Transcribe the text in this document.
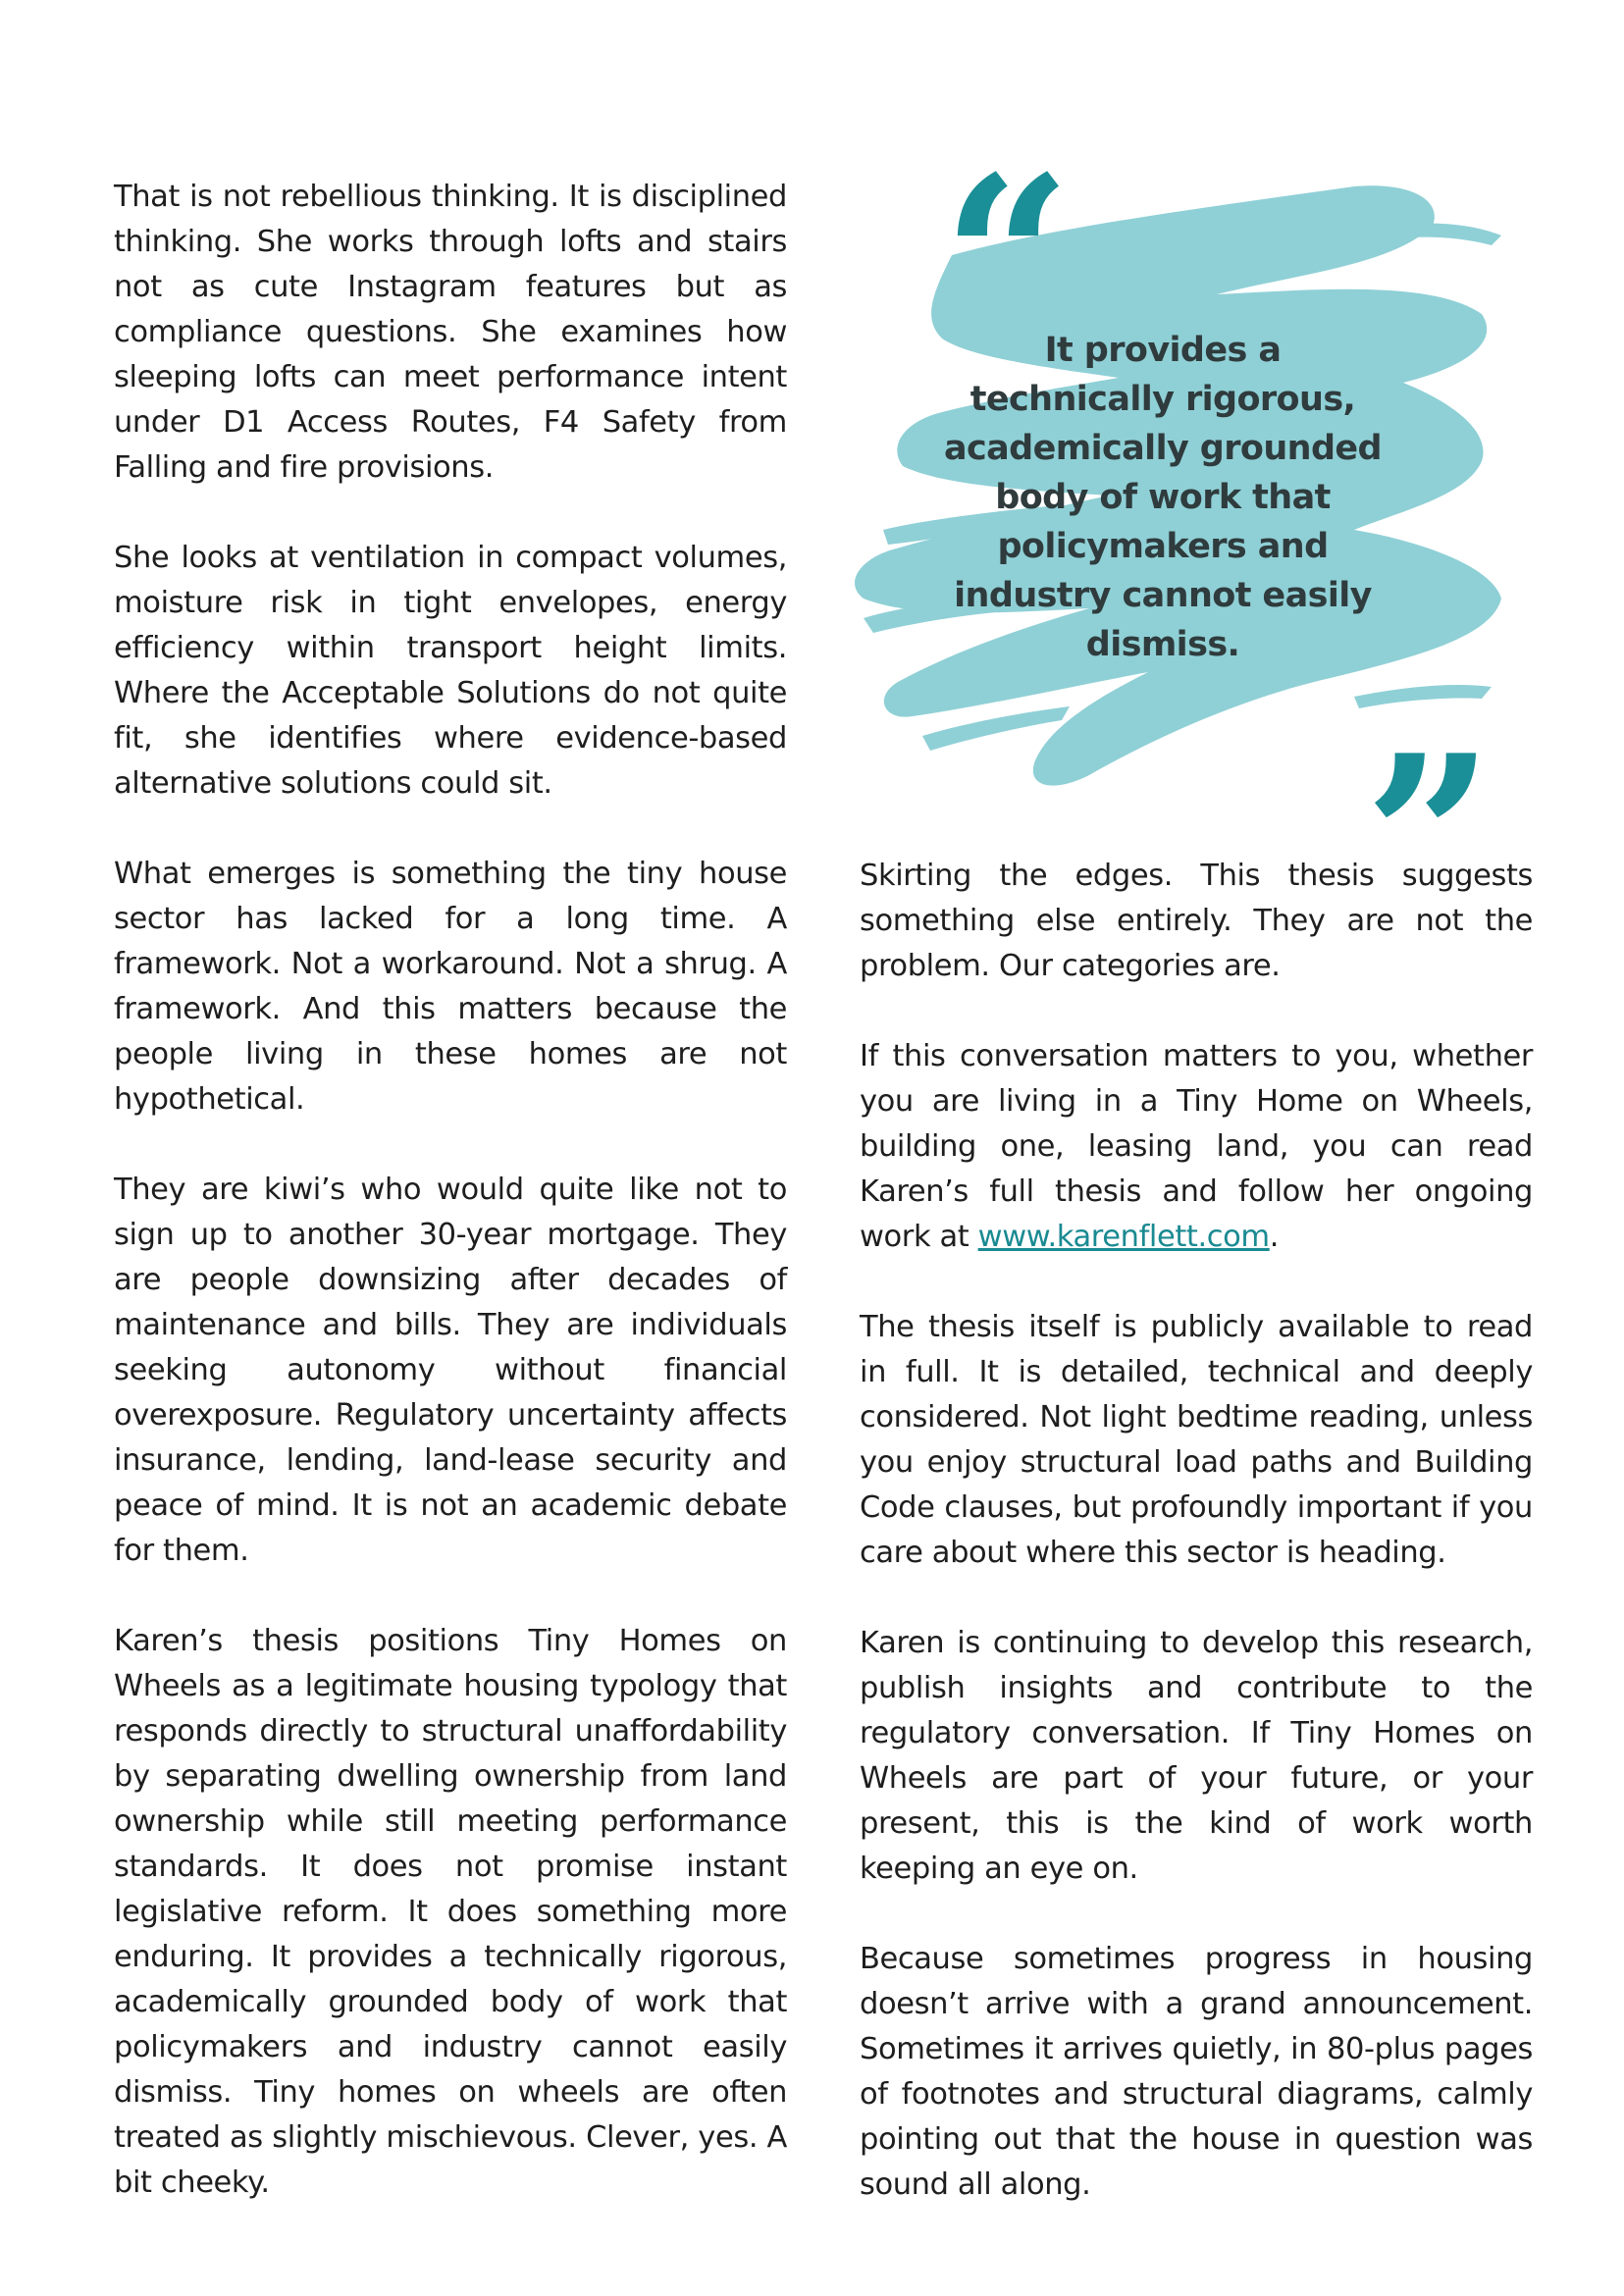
That is not rebellious thinking. It is disciplined thinking. She works through lofts and stairs not as cute Instagram features but as compliance questions. She examines how sleeping lofts can meet performance intent under D1 Access Routes, F4 Safety from Falling and fire provisions.

She looks at ventilation in compact volumes, moisture risk in tight envelopes, energy efficiency within transport height limits. Where the Acceptable Solutions do not quite fit, she identifies where evidence-based alternative solutions could sit.

What emerges is something the tiny house sector has lacked for a long time. A framework. Not a workaround. Not a shrug. A framework. And this matters because the people living in these homes are not hypothetical.

They are kiwi’s who would quite like not to sign up to another 30-year mortgage. They are people downsizing after decades of maintenance and bills. They are individuals seeking autonomy without financial overexposure. Regulatory uncertainty affects insurance, lending, land-lease security and peace of mind. It is not an academic debate for them.

Karen’s thesis positions Tiny Homes on Wheels as a legitimate housing typology that responds directly to structural unaffordability by separating dwelling ownership from land ownership while still meeting performance standards. It does not promise instant legislative reform. It does something more enduring. It provides a technically rigorous, academically grounded body of work that policymakers and industry cannot easily dismiss. Tiny homes on wheels are often treated as slightly mischievous. Clever, yes. A bit cheeky.

“
It provides a technically rigorous, academically grounded body of work that policymakers and industry cannot easily dismiss.
”

Skirting the edges. This thesis suggests something else entirely. They are not the problem. Our categories are.

If this conversation matters to you, whether you are living in a Tiny Home on Wheels, building one, leasing land, you can read Karen’s full thesis and follow her ongoing work at www.karenflett.com.

The thesis itself is publicly available to read in full. It is detailed, technical and deeply considered. Not light bedtime reading, unless you enjoy structural load paths and Building Code clauses, but profoundly important if you care about where this sector is heading.

Karen is continuing to develop this research, publish insights and contribute to the regulatory conversation. If Tiny Homes on Wheels are part of your future, or your present, this is the kind of work worth keeping an eye on.

Because sometimes progress in housing doesn’t arrive with a grand announcement. Sometimes it arrives quietly, in 80-plus pages of footnotes and structural diagrams, calmly pointing out that the house in question was sound all along.
